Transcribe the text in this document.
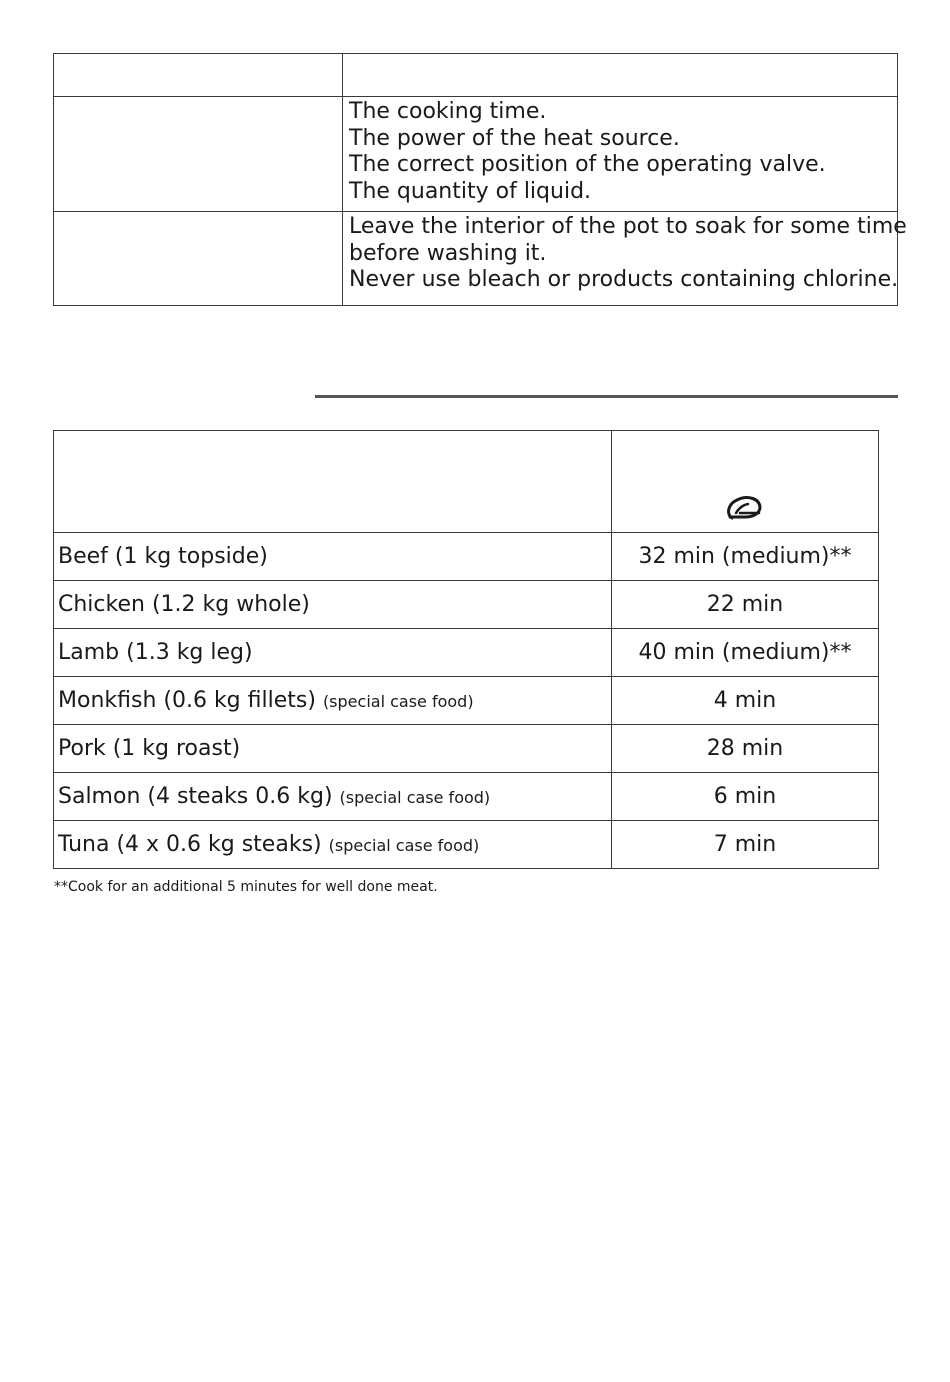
	The cooking time.
The power of the heat source.
The correct position of the operating valve.
The quantity of liquid.

	Leave the interior of the pot to soak for some time
before washing it.
Never use bleach or products containing chlorine.

Beef (1 kg topside)	32 min (medium)**

Chicken (1.2 kg whole)	22 min

Lamb (1.3 kg leg)	40 min (medium)**

Monkfish (0.6 kg fillets) (special case food)	4 min

Pork (1 kg roast)	28 min

Salmon (4 steaks 0.6 kg) (special case food)	6 min

Tuna (4 x 0.6 kg steaks) (special case food)	7 min
**Cook for an additional 5 minutes for well done meat.
